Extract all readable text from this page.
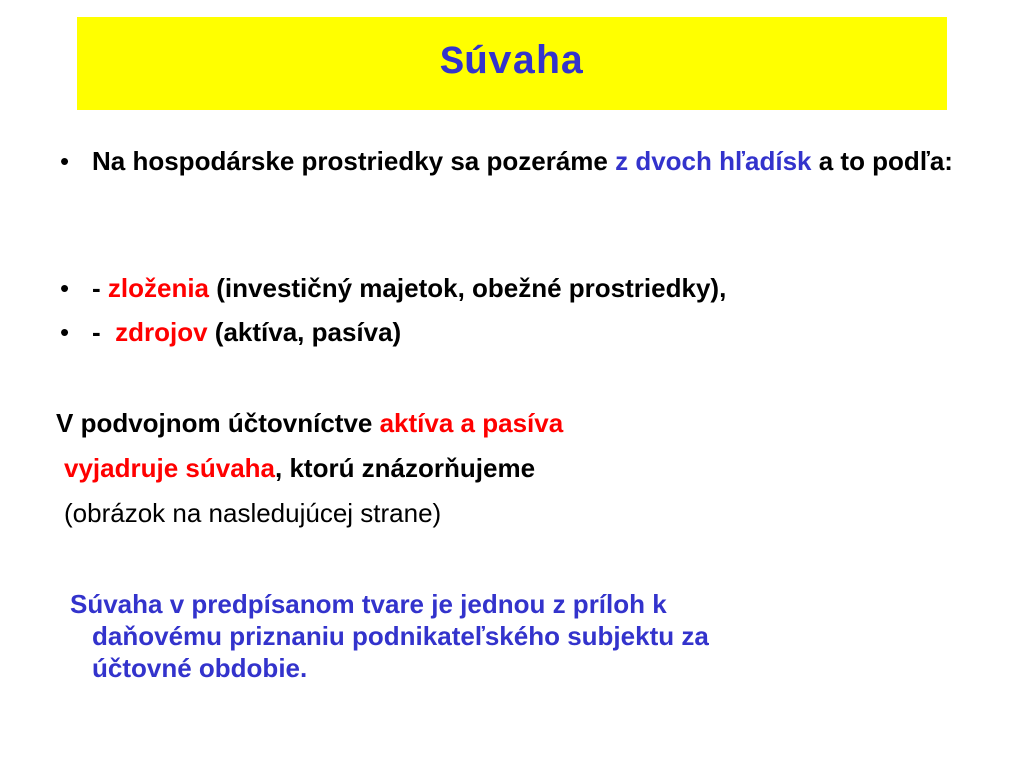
Súvaha
• Na hospodárske prostriedky sa pozeráme z dvoch hľadísk a to podľa:
• - zloženia (investičný majetok, obežné prostriedky),
• -  zdrojov (aktíva, pasíva)
V podvojnom účtovníctve aktíva a pasíva
vyjadruje súvaha, ktorú znázorňujeme
(obrázok na nasledujúcej strane)
Súvaha v predpísanom tvare je jednou z príloh k
daňovému priznaniu podnikateľského subjektu za
účtovné obdobie.
